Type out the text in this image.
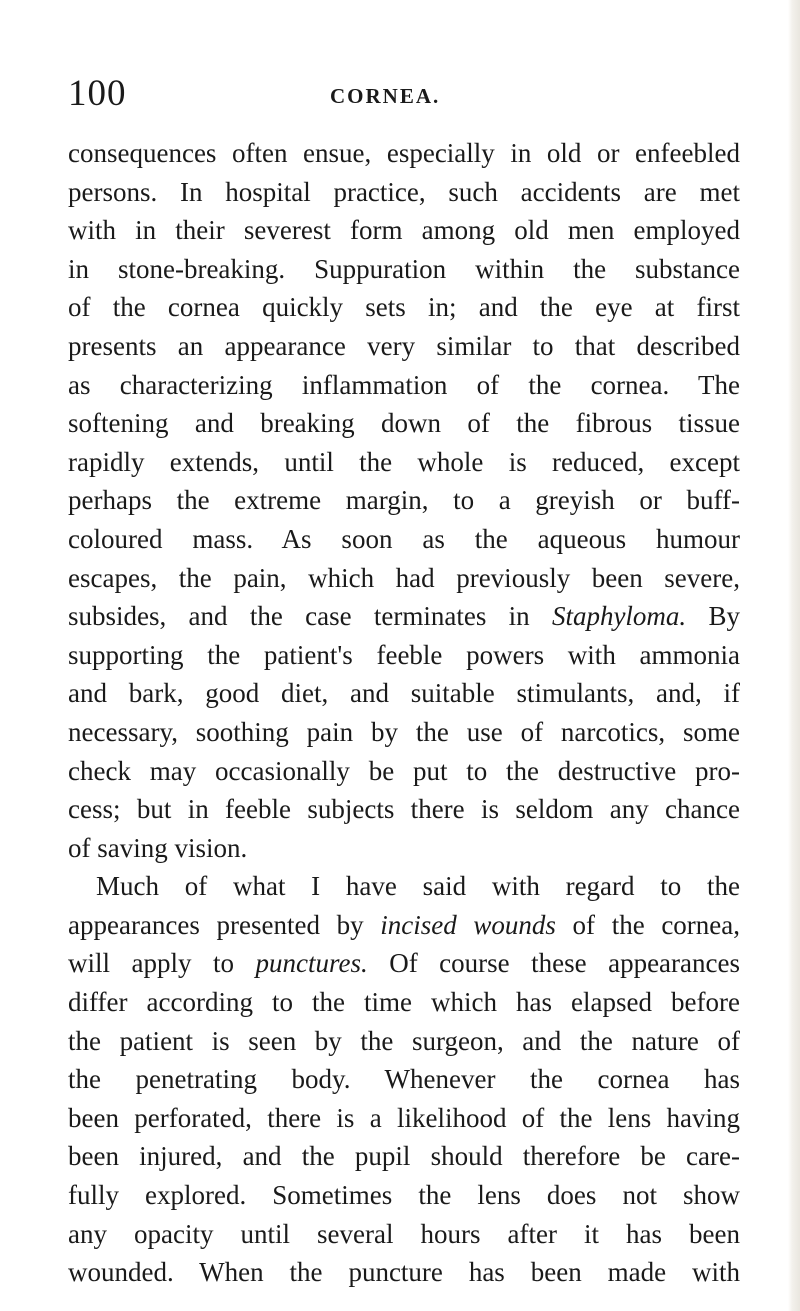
100	CORNEA.
consequences often ensue, especially in old or enfeebled
persons. In hospital practice, such accidents are met
with in their severest form among old men employed
in stone-breaking. Suppuration within the substance
of the cornea quickly sets in; and the eye at first
presents an appearance very similar to that described
as characterizing inflammation of the cornea. The
softening and breaking down of the fibrous tissue
rapidly extends, until the whole is reduced, except
perhaps the extreme margin, to a greyish or buff-
coloured mass. As soon as the aqueous humour
escapes, the pain, which had previously been severe,
subsides, and the case terminates in Staphyloma. By
supporting the patient's feeble powers with ammonia
and bark, good diet, and suitable stimulants, and, if
necessary, soothing pain by the use of narcotics, some
check may occasionally be put to the destructive pro-
cess; but in feeble subjects there is seldom any chance
of saving vision.
Much of what I have said with regard to the
appearances presented by incised wounds of the cornea,
will apply to punctures. Of course these appearances
differ according to the time which has elapsed before
the patient is seen by the surgeon, and the nature of
the penetrating body. Whenever the cornea has
been perforated, there is a likelihood of the lens having
been injured, and the pupil should therefore be care-
fully explored. Sometimes the lens does not show
any opacity until several hours after it has been
wounded. When the puncture has been made with
